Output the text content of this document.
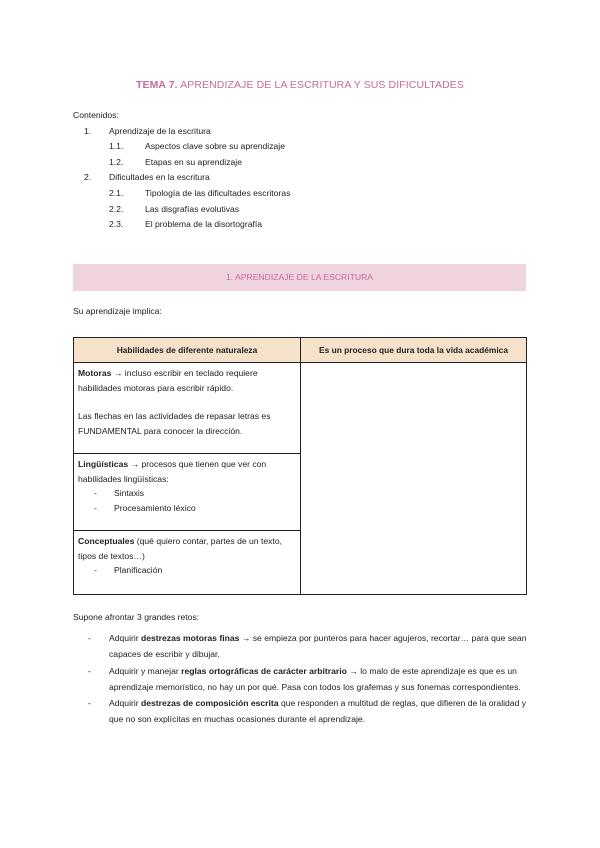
TEMA 7. APRENDIZAJE DE LA ESCRITURA Y SUS DIFICULTADES
Contenidos:
1. Aprendizaje de la escritura
1.1.	Aspectos clave sobre su aprendizaje
1.2.	Etapas en su aprendizaje
2. Dificultades en la escritura
2.1.	Tipología de las dificultades escritoras
2.2.	Las disgrafías evolutivas
2.3.	El problema de la disortografía
1. APRENDIZAJE DE LA ESCRITURA
Su aprendizaje implica:
Habilidades de diferente naturaleza	Es un proceso que dura toda la vida académica

Motoras → incluso escribir en teclado requiere habilidades motoras para escribir rápido.

Las flechas en las actividades de repasar letras es FUNDAMENTAL para conocer la dirección.	

Lingüísticas → procesos que tienen que ver con habilidades lingüísticas:

- Sintaxis
- Procesamiento léxico	

Conceptuales (qué quiero contar, partes de un texto, tipos de textos…)

- Planificación	
Supone afrontar 3 grandes retos:
- Adquirir destrezas motoras finas → se empieza por punteros para hacer agujeros, recortar… para que sean capaces de escribir y dibujar.
- Adquirir y manejar reglas ortográficas de carácter arbitrario → lo malo de este aprendizaje es que es un aprendizaje memorístico, no hay un por qué. Pasa con todos los grafemas y sus fonemas correspondientes.
- Adquirir destrezas de composición escrita que responden a multitud de reglas, que difieren de la oralidad y que no son explícitas en muchas ocasiones durante el aprendizaje.
